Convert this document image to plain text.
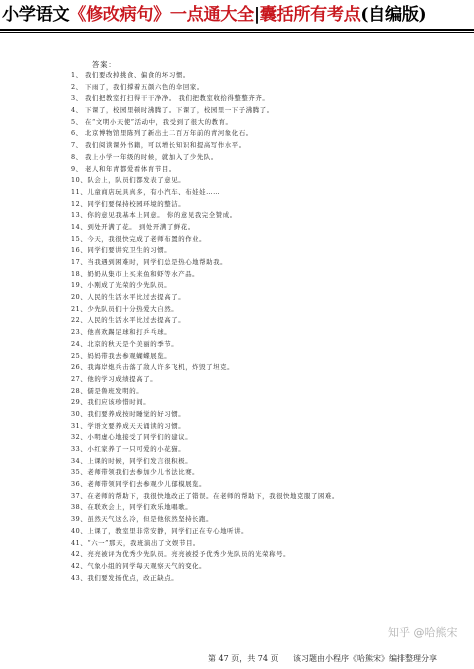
小学语文《修改病句》一点通大全|囊括所有考点(自编版)
答案：
1、 我们要改掉挑食、偏食的坏习惯。
2、 下雨了，我们撑着五颜六色的伞回家。
3、 我们把教室打扫得干干净净。 我们把教室收拾得整整齐齐。
4、 下课了，校园里顿时沸腾了。下课了，校园里一下子沸腾了。
5、 在“文明小天使”活动中，我受到了很大的教育。
6、 北京博物馆里陈列了新出土二百万年前的青河象化石。
7、 我们阅读课外书籍，可以增长知识和提高写作水平。
8、 我上小学一年级的时候，就加入了少先队。
9、 老人和年青都爱看体育节目。
10、队会上，队员们都发表了意见。
11、儿童商店玩具真多，有小汽车、布娃娃……
12、同学们要保持校园环境的整洁。
13、你的意见我基本上同意。 你的意见我完全赞成。
14、到处开满了花。 到处开满了鲜花。
15、今天，我很快完成了老师布置的作业。
16、同学们要讲究卫生的习惯。
17、当我遇到困难时，同学们总是热心地帮助我。
18、奶奶从集市上买来鱼和虾等水产品。
19、小刚成了光荣的少先队员。
20、人民的生活水平比过去提高了。
21、少先队员们十分热爱大自然。
22、人民的生活水平比过去提高了。
23、他喜欢踢足球和打乒乓球。
24、北京的秋天是个美丽的季节。
25、妈妈带我去参观蝴蝶展览。
26、我海岸炮兵击落了敌人许多飞机，炸毁了坦克。
27、他的学习成绩提高了。
28、儒是鲁班发明的。
29、我们应该珍惜时间。
30、我们要养成按时睡觉的好习惯。
31、学语文要养成天天诵读的习惯。
32、小明虚心地接受了同学们的建议。
33、小红家养了一只可爱的小花猫。
34、上课的时候，同学们发言很积极。
35、老师带领我们去参加少儿书法比赛。
36、老师带领同学们去参观少儿郁模展览。
37、在老师的帮助下，我很快地改正了错误。在老师的帮助下，我很快地克服了困难。
38、在联欢会上，同学们欢乐地唱歌。
39、虽然天气这么冷，但是他依然坚持长跑。
40、上课了，教室里非常安静，同学们正在专心地听讲。
41、“六一”那天，我班演出了文娱节目。
42、亮亮被评为优秀少先队员。亮亮被授予优秀少先队员的光荣称号。
42、气象小组的同学每天观察天气的变化。
43、我们要发扬优点，改正缺点。
知乎 @哈熊宋
第 47 页，共 74 页 该习题由小程序《哈熊宋》编排整理分享
